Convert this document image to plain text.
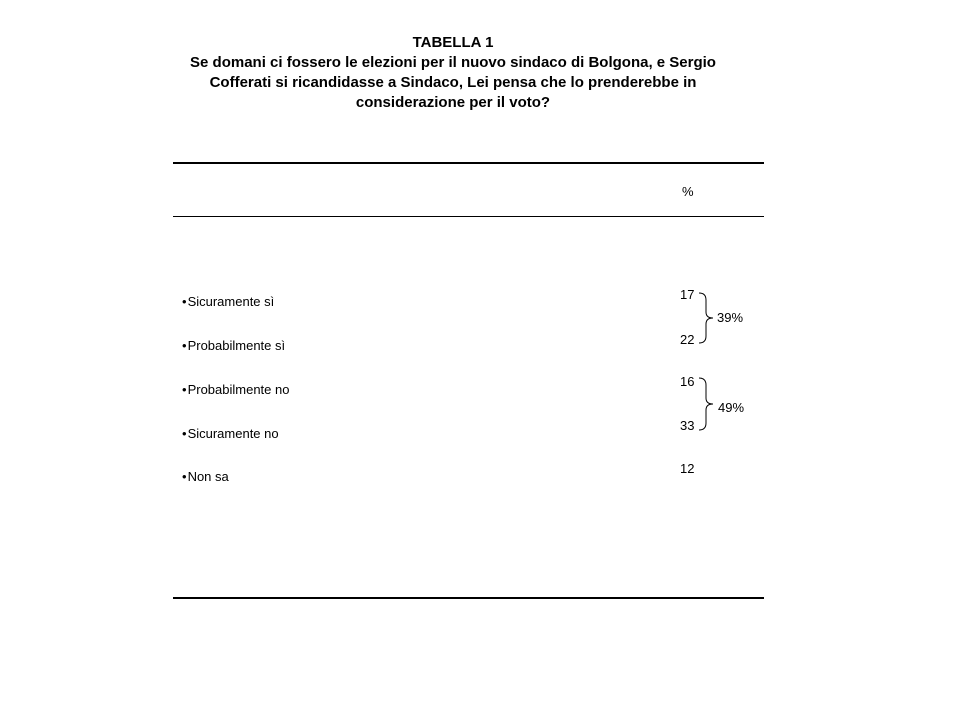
TABELLA 1
Se domani ci fossero le elezioni per il nuovo sindaco di Bolgona, e Sergio
Cofferati si ricandidasse a Sindaco, Lei pensa che lo prenderebbe in
considerazione per il voto?
%
•Sicuramente sì
•Probabilmente sì
•Probabilmente no
•Sicuramente no
•Non sa
17
22
16
33
12
39%
49%
